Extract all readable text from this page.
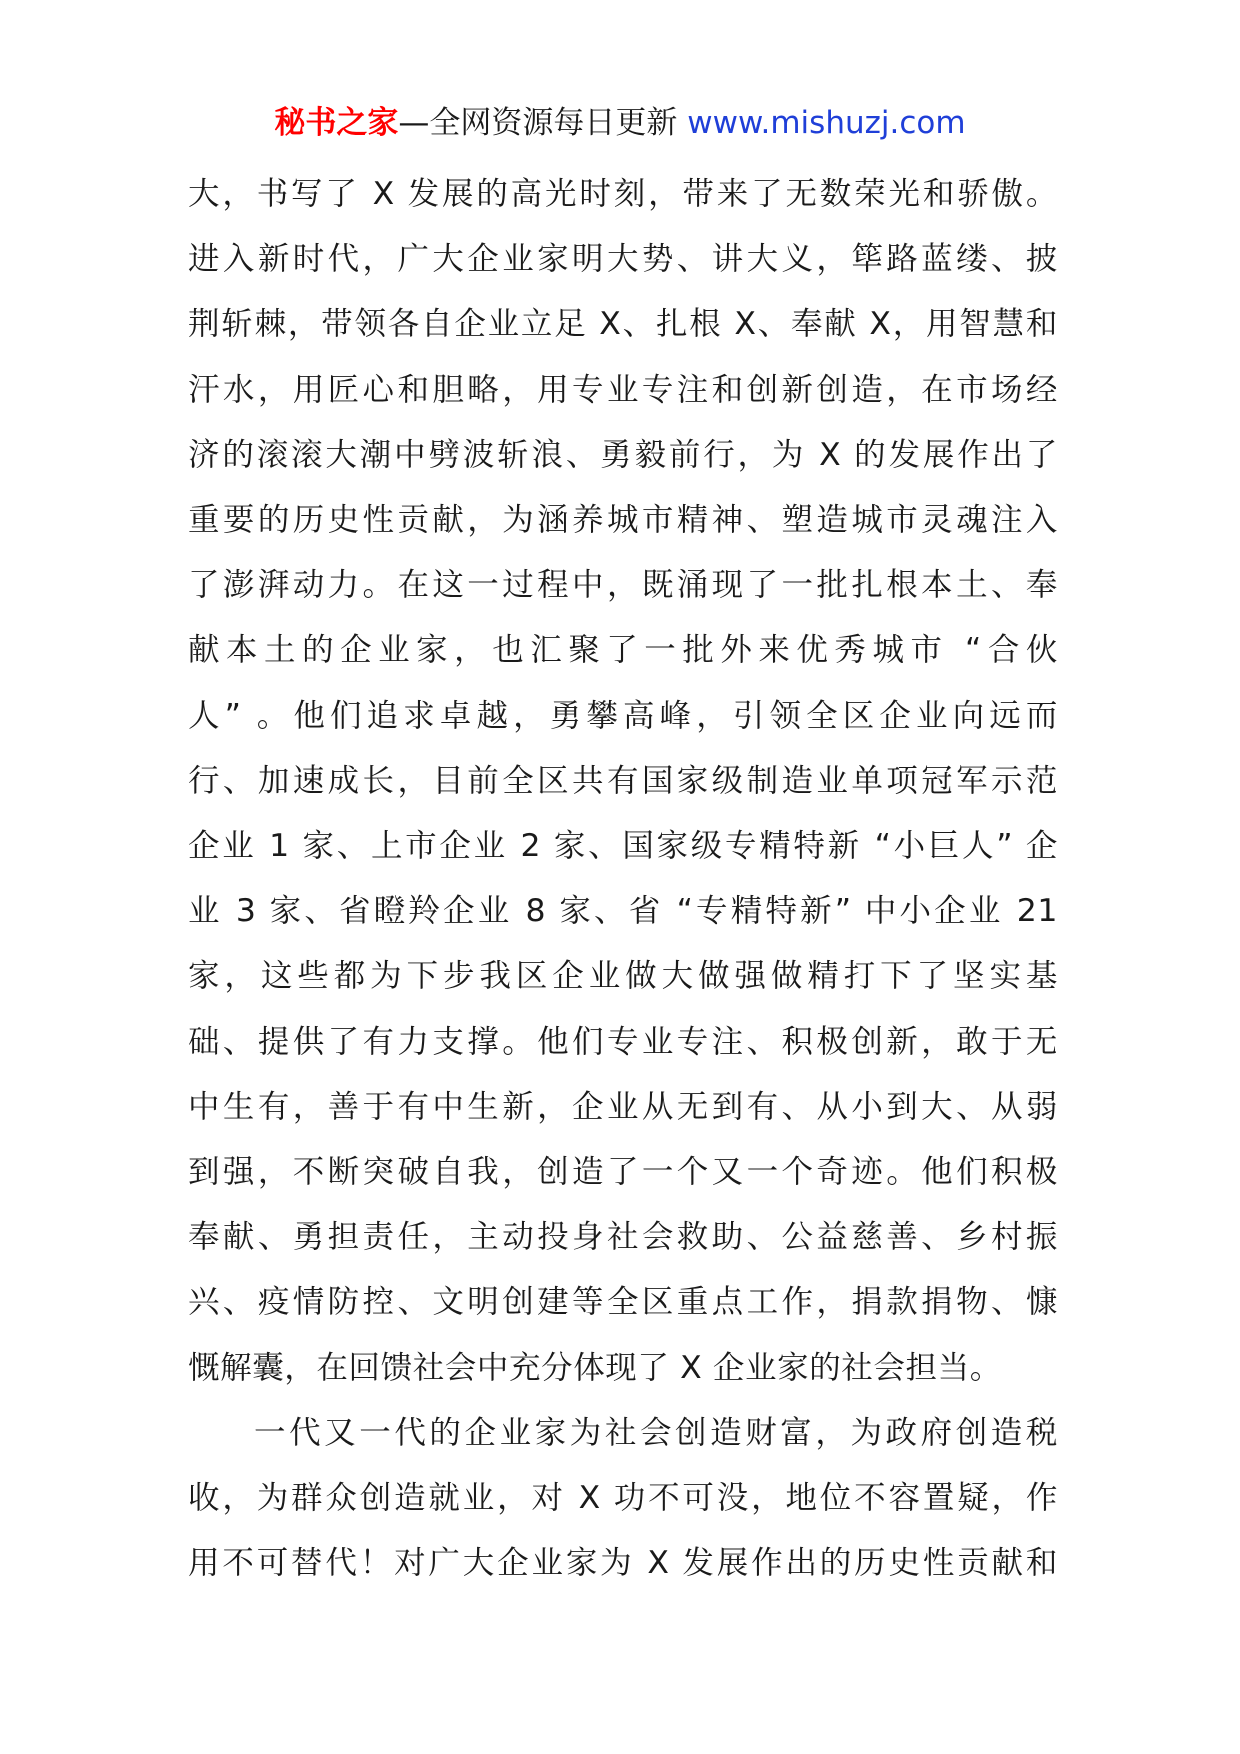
秘书之家—全网资源每日更新 www.mishuzj.com
大，书写了 X 发展的高光时刻，带来了无数荣光和骄傲。
进入新时代，广大企业家明大势、讲大义，筚路蓝缕、披
荆斩棘，带领各自企业立足 X、扎根 X、奉献 X，用智慧和
汗水，用匠心和胆略，用专业专注和创新创造，在市场经
济的滚滚大潮中劈波斩浪、勇毅前行，为 X 的发展作出了
重要的历史性贡献，为涵养城市精神、塑造城市灵魂注入
了澎湃动力。在这一过程中，既涌现了一批扎根本土、奉
献本土的企业家，也汇聚了一批外来优秀城市 “合伙
人” 。他们追求卓越，勇攀高峰，引领全区企业向远而
行、加速成长，目前全区共有国家级制造业单项冠军示范
企业 1 家、上市企业 2 家、国家级专精特新 “小巨人” 企
业 3 家、省瞪羚企业 8 家、省 “专精特新” 中小企业 21
家，这些都为下步我区企业做大做强做精打下了坚实基
础、提供了有力支撑。他们专业专注、积极创新，敢于无
中生有，善于有中生新，企业从无到有、从小到大、从弱
到强，不断突破自我，创造了一个又一个奇迹。他们积极
奉献、勇担责任，主动投身社会救助、公益慈善、乡村振
兴、疫情防控、文明创建等全区重点工作，捐款捐物、慷
慨解囊，在回馈社会中充分体现了 X 企业家的社会担当。
一代又一代的企业家为社会创造财富，为政府创造税
收，为群众创造就业，对 X 功不可没，地位不容置疑，作
用不可替代！对广大企业家为 X 发展作出的历史性贡献和
